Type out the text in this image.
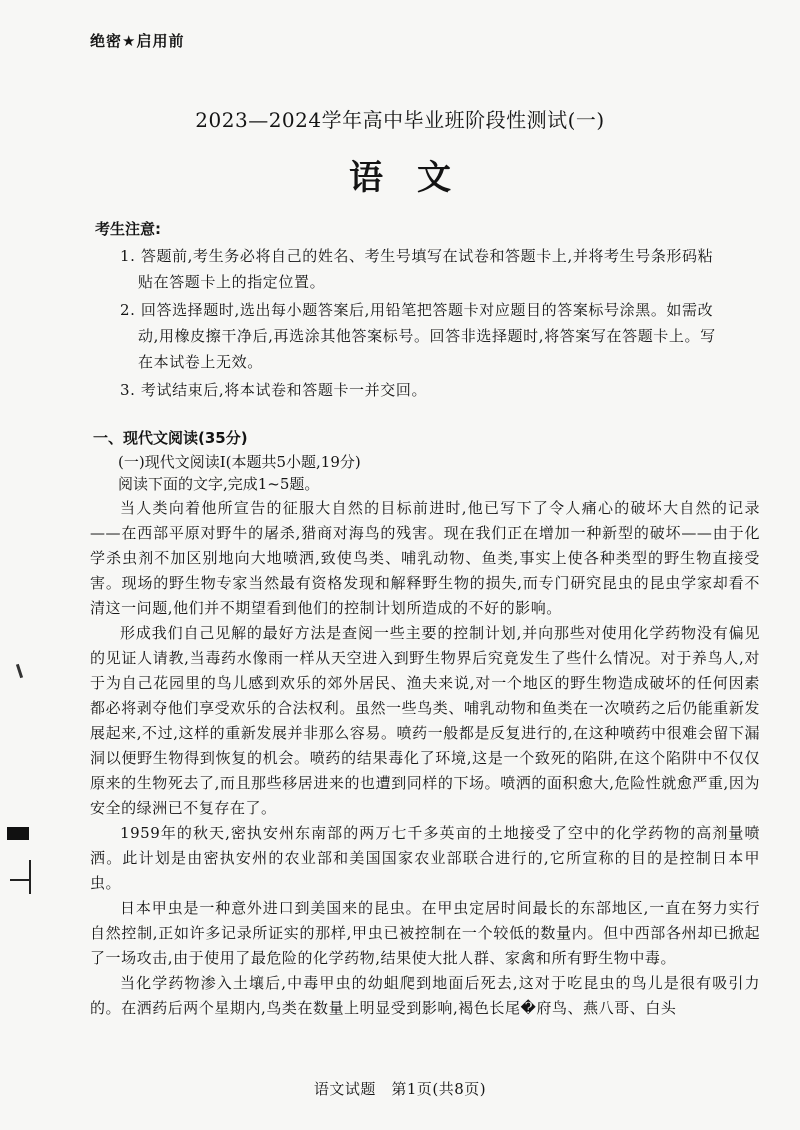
绝密★启用前
2023—2024学年高中毕业班阶段性测试(一)
语文
考生注意:

1. 答题前,考生务必将自己的姓名、考生号填写在试卷和答题卡上,并将考生号条形码粘贴在答题卡上的指定位置。

2. 回答选择题时,选出每小题答案后,用铅笔把答题卡对应题目的答案标号涂黑。如需改动,用橡皮擦干净后,再选涂其他答案标号。回答非选择题时,将答案写在答题卡上。写在本试卷上无效。

3. 考试结束后,将本试卷和答题卡一并交回。

一、现代文阅读(35分)
(一)现代文阅读Ⅰ(本题共5小题,19分)
阅读下面的文字,完成1~5题。

当人类向着他所宣告的征服大自然的目标前进时,他已写下了令人痛心的破坏大自然的记录——在西部平原对野牛的屠杀,猎商对海鸟的残害。现在我们正在增加一种新型的破坏——由于化学杀虫剂不加区别地向大地喷洒,致使鸟类、哺乳动物、鱼类,事实上使各种类型的野生物直接受害。现场的野生物专家当然最有资格发现和解释野生物的损失,而专门研究昆虫的昆虫学家却看不清这一问题,他们并不期望看到他们的控制计划所造成的不好的影响。

形成我们自己见解的最好方法是查阅一些主要的控制计划,并向那些对使用化学药物没有偏见的见证人请教,当毒药水像雨一样从天空进入到野生物界后究竟发生了些什么情况。对于养鸟人,对于为自己花园里的鸟儿感到欢乐的郊外居民、渔夫来说,对一个地区的野生物造成破坏的任何因素都必将剥夺他们享受欢乐的合法权利。虽然一些鸟类、哺乳动物和鱼类在一次喷药之后仍能重新发展起来,不过,这样的重新发展并非那么容易。喷药一般都是反复进行的,在这种喷药中很难会留下漏洞以便野生物得到恢复的机会。喷药的结果毒化了环境,这是一个致死的陷阱,在这个陷阱中不仅仅原来的生物死去了,而且那些移居进来的也遭到同样的下场。喷洒的面积愈大,危险性就愈严重,因为安全的绿洲已不复存在了。

1959年的秋天,密执安州东南部的两万七千多英亩的土地接受了空中的化学药物的高剂量喷洒。此计划是由密执安州的农业部和美国国家农业部联合进行的,它所宣称的目的是控制日本甲虫。

日本甲虫是一种意外进口到美国来的昆虫。在甲虫定居时间最长的东部地区,一直在努力实行自然控制,正如许多记录所证实的那样,甲虫已被控制在一个较低的数量内。但中西部各州却已掀起了一场攻击,由于使用了最危险的化学药物,结果使大批人群、家禽和所有野生物中毒。

当化学药物渗入土壤后,中毒甲虫的幼蛆爬到地面后死去,这对于吃昆虫的鸟儿是很有吸引力的。在洒药后两个星期内,鸟类在数量上明显受到影响,褐色长尾�府鸟、燕八哥、白头

语文试题　第1页(共8页)
